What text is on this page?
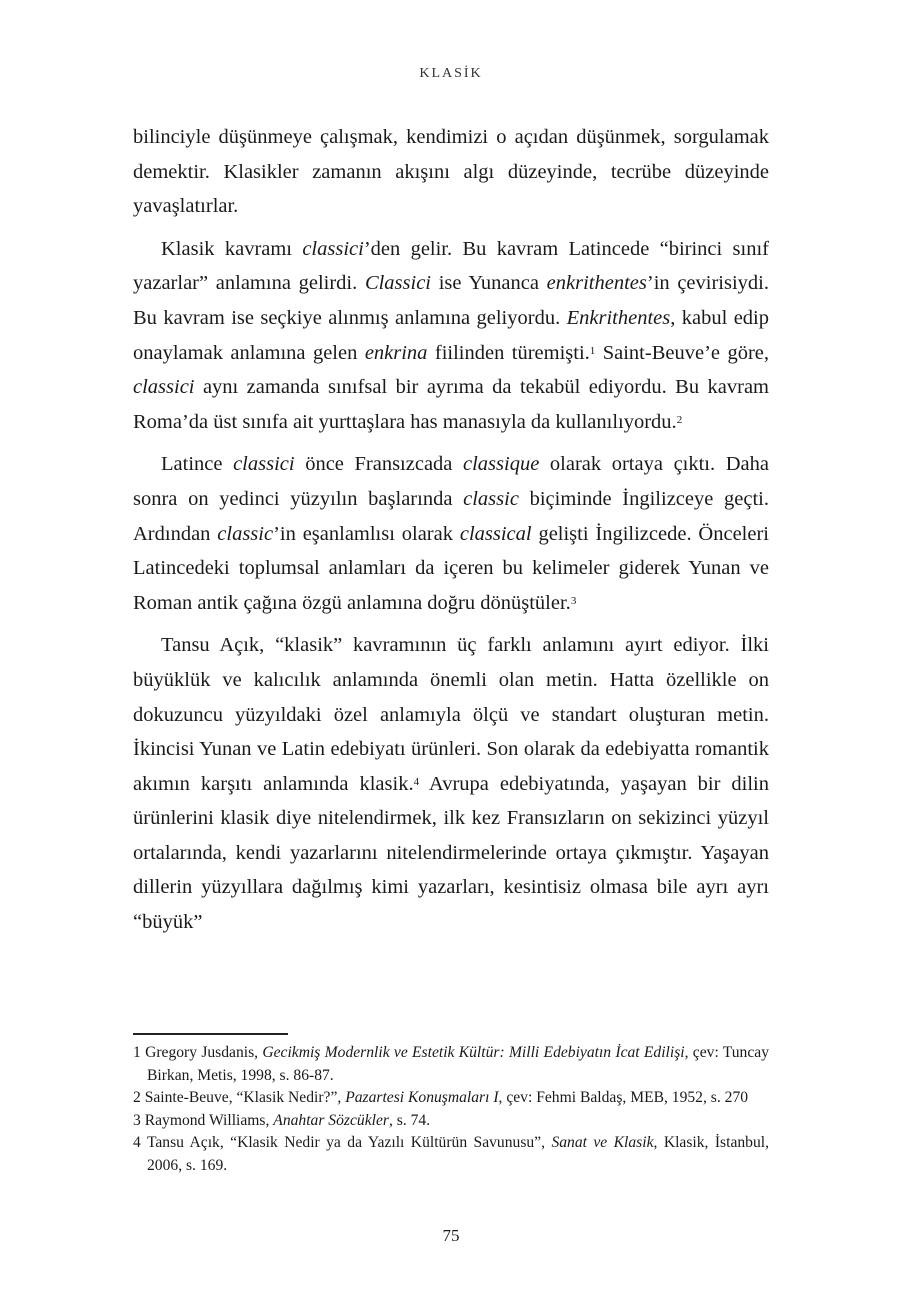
KLASİK

bilinciyle düşünmeye çalışmak, kendimizi o açıdan düşünmek, sorgulamak demektir. Klasikler zamanın akışını algı düzeyinde, tecrübe düzeyinde yavaşlatırlar.

Klasik kavramı classici’den gelir. Bu kavram Latincede “birinci sınıf yazarlar” anlamına gelirdi. Classici ise Yunanca enkrithentes’in çevirisiydi. Bu kavram ise seçkiye alınmış anlamına geliyordu. Enkrithentes, kabul edip onaylamak anlamına gelen enkrina fiilinden türemişti.$^1$ Saint-Beuve’e göre, classici aynı zamanda sınıfsal bir ayrıma da tekabül ediyordu. Bu kavram Roma’da üst sınıfa ait yurttaşlara has manasıyla da kullanılıyordu.$^2$

Latince classici önce Fransızcada classique olarak ortaya çıktı. Daha sonra on yedinci yüzyılın başlarında classic biçiminde İngilizceye geçti. Ardından classic’in eşanlamlısı olarak classical gelişti İngilizcede. Önceleri Latincedeki toplumsal anlamları da içeren bu kelimeler giderek Yunan ve Roman antik çağına özgü anlamına doğru dönüştüler.$^3$

Tansu Açık, “klasik” kavramının üç farklı anlamını ayırt ediyor. İlki büyüklük ve kalıcılık anlamında önemli olan metin. Hatta özellikle on dokuzuncu yüzyıldaki özel anlamıyla ölçü ve standart oluşturan metin. İkincisi Yunan ve Latin edebiyatı ürünleri. Son olarak da edebiyatta romantik akımın karşıtı anlamında klasik.$^4$ Avrupa edebiyatında, yaşayan bir dilin ürünlerini klasik diye nitelendirmek, ilk kez Fransızların on sekizinci yüzyıl ortalarında, kendi yazarlarını nitelendirmelerinde ortaya çıkmıştır. Yaşayan dillerin yüzyıllara dağılmış kimi yazarları, kesintisiz olmasa bile ayrı ayrı “büyük”

1 Gregory Jusdanis, Gecikmiş Modernlik ve Estetik Kültür: Milli Edebiyatın İcat Edilişi, çev: Tuncay Birkan, Metis, 1998, s. 86-87.

2 Sainte-Beuve, “Klasik Nedir?”, Pazartesi Konuşmaları I, çev: Fehmi Baldaş, MEB, 1952, s. 270

3 Raymond Williams, Anahtar Sözcükler, s. 74.

4 Tansu Açık, “Klasik Nedir ya da Yazılı Kültürün Savunusu”, Sanat ve Klasik, Klasik, İstanbul, 2006, s. 169.

75
